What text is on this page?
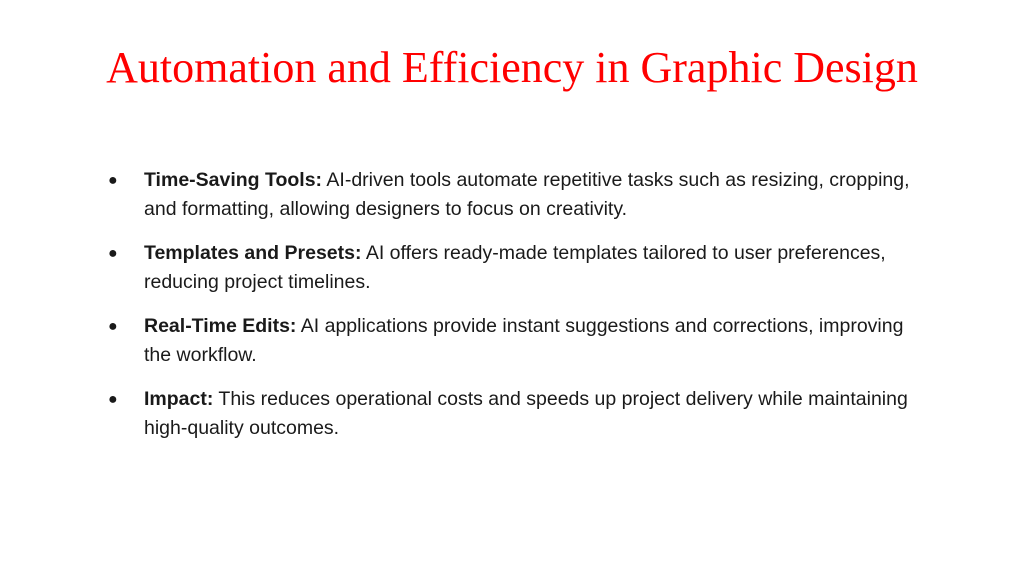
Automation and Efficiency in Graphic Design
● Time-Saving Tools: AI-driven tools automate repetitive tasks such as resizing, cropping, and formatting, allowing designers to focus on creativity.
● Templates and Presets: AI offers ready-made templates tailored to user preferences, reducing project timelines.
● Real-Time Edits: AI applications provide instant suggestions and corrections, improving the workflow.
● Impact: This reduces operational costs and speeds up project delivery while maintaining high-quality outcomes.
